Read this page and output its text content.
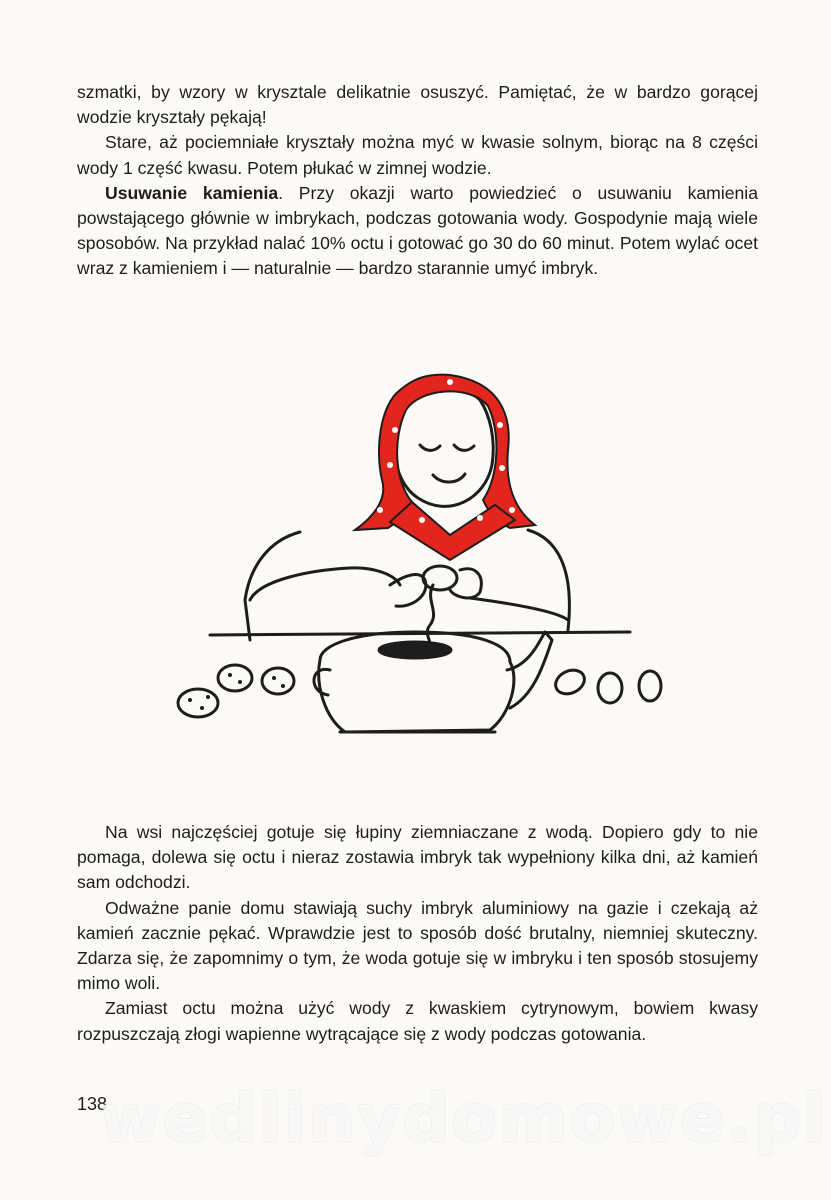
szmatki, by wzory w krysztale delikatnie osuszyć. Pamiętać, że w bardzo gorącej wodzie kryształy pękają!

Stare, aż pociemniałe kryształy można myć w kwasie solnym, biorąc na 8 części wody 1 część kwasu. Potem płukać w zimnej wodzie.

Usuwanie kamienia. Przy okazji warto powiedzieć o usuwaniu kamienia powstającego głównie w imbrykach, podczas gotowania wody. Gospodynie mają wiele sposobów. Na przykład nalać 10% octu i gotować go 30 do 60 minut. Potem wylać ocet wraz z kamieniem i — naturalnie — bardzo starannie umyć imbryk.

Na wsi najczęściej gotuje się łupiny ziemniaczane z wodą. Dopiero gdy to nie pomaga, dolewa się octu i nieraz zostawia imbryk tak wypełniony kilka dni, aż kamień sam odchodzi.

Odważne panie domu stawiają suchy imbryk aluminiowy na gazie i czekają aż kamień zacznie pękać. Wprawdzie jest to sposób dość brutalny, niemniej skuteczny. Zdarza się, że zapomnimy o tym, że woda gotuje się w imbryku i ten sposób stosujemy mimo woli.

Zamiast octu można użyć wody z kwaskiem cytrynowym, bowiem kwasy rozpuszczają złogi wapienne wytrącające się z wody podczas gotowania.

138
wedlinydomowe.pl
